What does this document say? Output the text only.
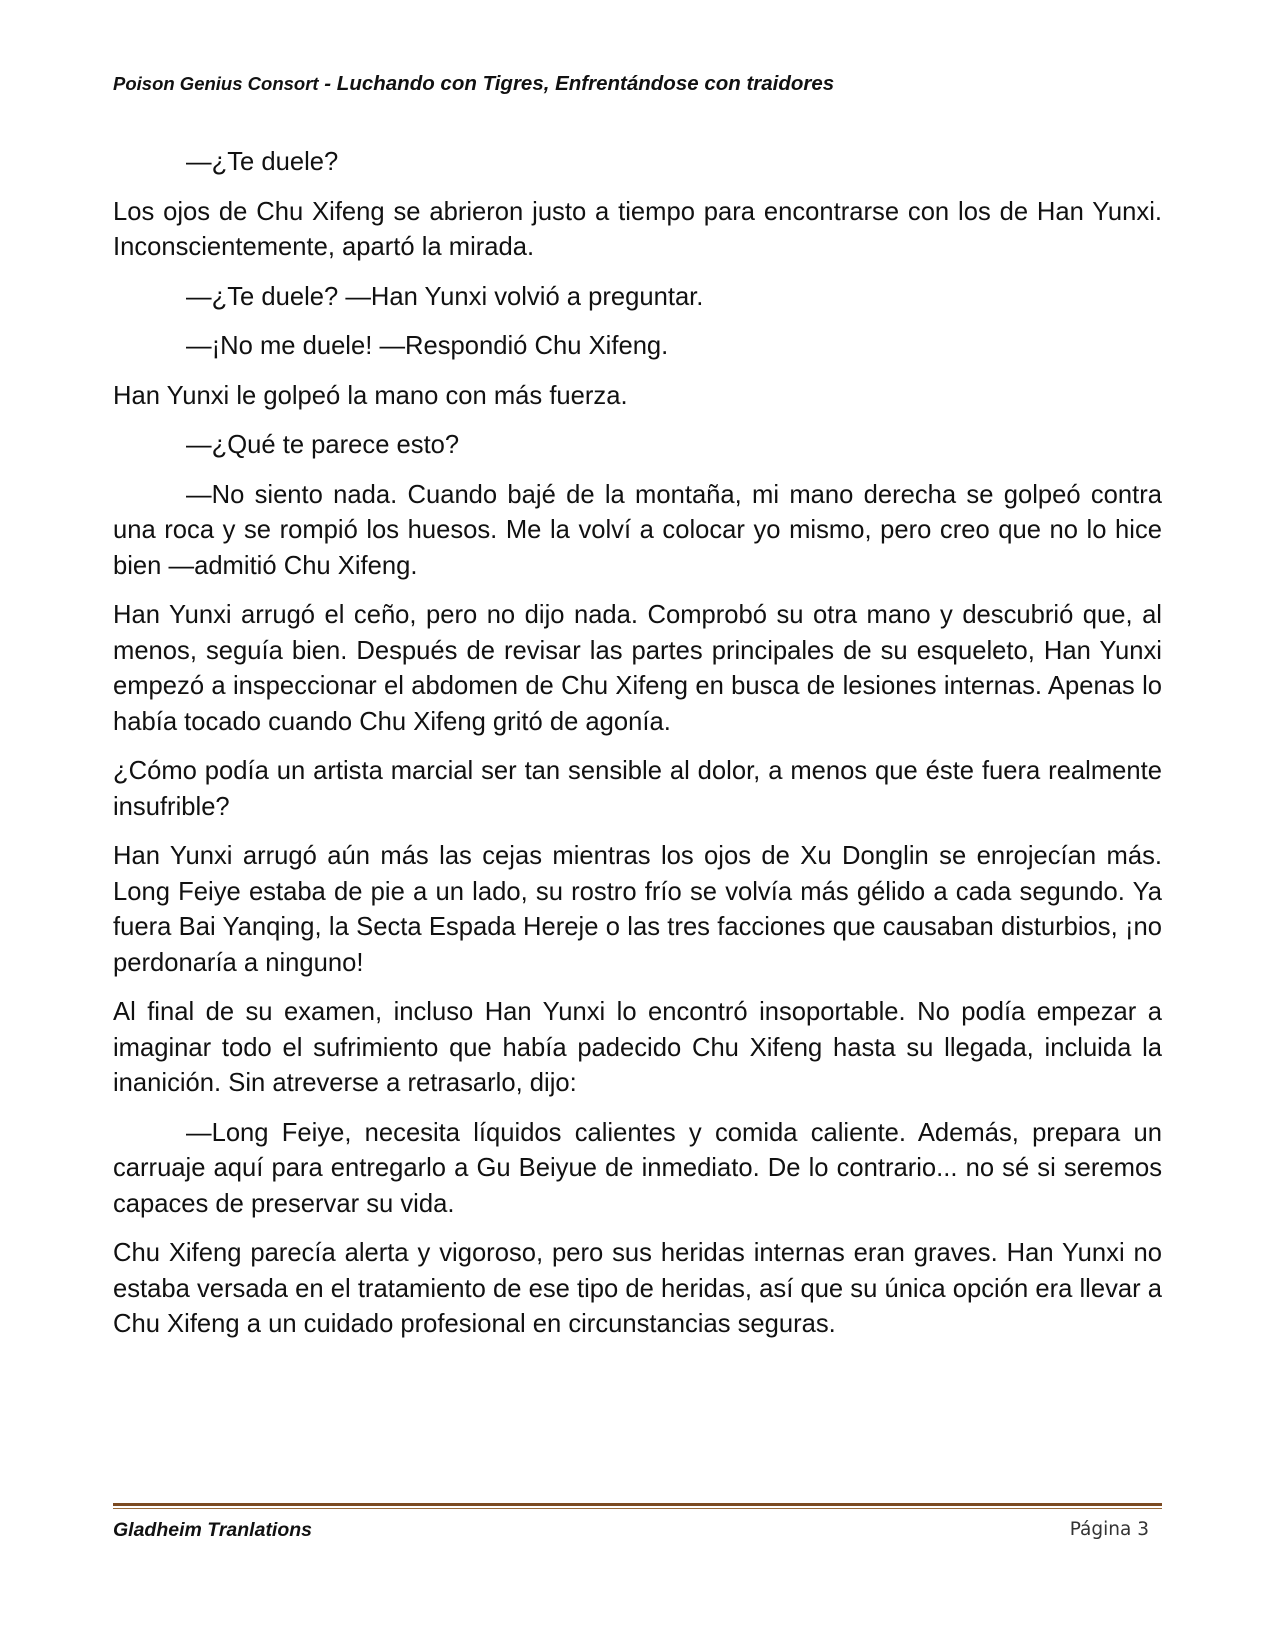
Poison Genius Consort - Luchando con Tigres, Enfrentándose con traidores

—¿Te duele?

Los ojos de Chu Xifeng se abrieron justo a tiempo para encontrarse con los de Han Yunxi. Inconscientemente, apartó la mirada.

—¿Te duele? —Han Yunxi volvió a preguntar.

—¡No me duele! —Respondió Chu Xifeng.

Han Yunxi le golpeó la mano con más fuerza.

—¿Qué te parece esto?

—No siento nada. Cuando bajé de la montaña, mi mano derecha se golpeó contra una roca y se rompió los huesos. Me la volví a colocar yo mismo, pero creo que no lo hice bien —admitió Chu Xifeng.

Han Yunxi arrugó el ceño, pero no dijo nada. Comprobó su otra mano y descubrió que, al menos, seguía bien. Después de revisar las partes principales de su esqueleto, Han Yunxi empezó a inspeccionar el abdomen de Chu Xifeng en busca de lesiones internas. Apenas lo había tocado cuando Chu Xifeng gritó de agonía.

¿Cómo podía un artista marcial ser tan sensible al dolor, a menos que éste fuera realmente insufrible?

Han Yunxi arrugó aún más las cejas mientras los ojos de Xu Donglin se enrojecían más. Long Feiye estaba de pie a un lado, su rostro frío se volvía más gélido a cada segundo. Ya fuera Bai Yanqing, la Secta Espada Hereje o las tres facciones que causaban disturbios, ¡no perdonaría a ninguno!

Al final de su examen, incluso Han Yunxi lo encontró insoportable. No podía empezar a imaginar todo el sufrimiento que había padecido Chu Xifeng hasta su llegada, incluida la inanición. Sin atreverse a retrasarlo, dijo:

—Long Feiye, necesita líquidos calientes y comida caliente. Además, prepara un carruaje aquí para entregarlo a Gu Beiyue de inmediato. De lo contrario... no sé si seremos capaces de preservar su vida.

Chu Xifeng parecía alerta y vigoroso, pero sus heridas internas eran graves. Han Yunxi no estaba versada en el tratamiento de ese tipo de heridas, así que su única opción era llevar a Chu Xifeng a un cuidado profesional en circunstancias seguras.

Gladheim Tranlations	Página 3
